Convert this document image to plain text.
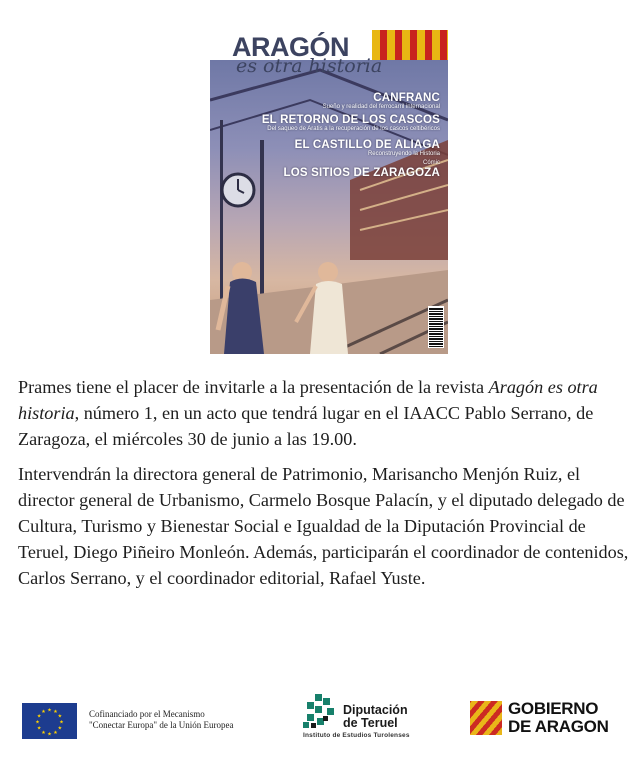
ARAGÓN
es otra historia
CANFRANC
Sueño y realidad del ferrocarril internacional
EL RETORNO DE LOS CASCOS
Del saqueo de Aratis a la recuperación de los cascos celtibéricos
EL CASTILLO DE ALIAGA
Reconstruyendo la Historia
Cómic
LOS SITIOS DE ZARAGOZA

Prames tiene el placer de invitarle a la presentación de la revista Aragón es otra historia, número 1, en un acto que tendrá lugar en el IAACC Pablo Serrano, de Zaragoza, el miércoles 30 de junio a las 19.00.

Intervendrán la directora general de Patrimonio, Marisancho Menjón Ruiz, el director general de Urbanismo, Carmelo Bosque Palacín, y el diputado delegado de Cultura, Turismo y Bienestar Social e Igualdad de la Diputación Provincial de Teruel, Diego Piñeiro Monleón. Además, participarán el coordinador de contenidos, Carlos Serrano, y el coordinador editorial, Rafael Yuste.

★ ★
★
★
★
★
★
★
★
★
★
★	Cofinanciado por el Mecanismo
"Conectar Europa" de la Unión Europea
Diputación
de Teruel
Instituto de Estudios Turolenses
GOBIERNO
DE ARAGON
